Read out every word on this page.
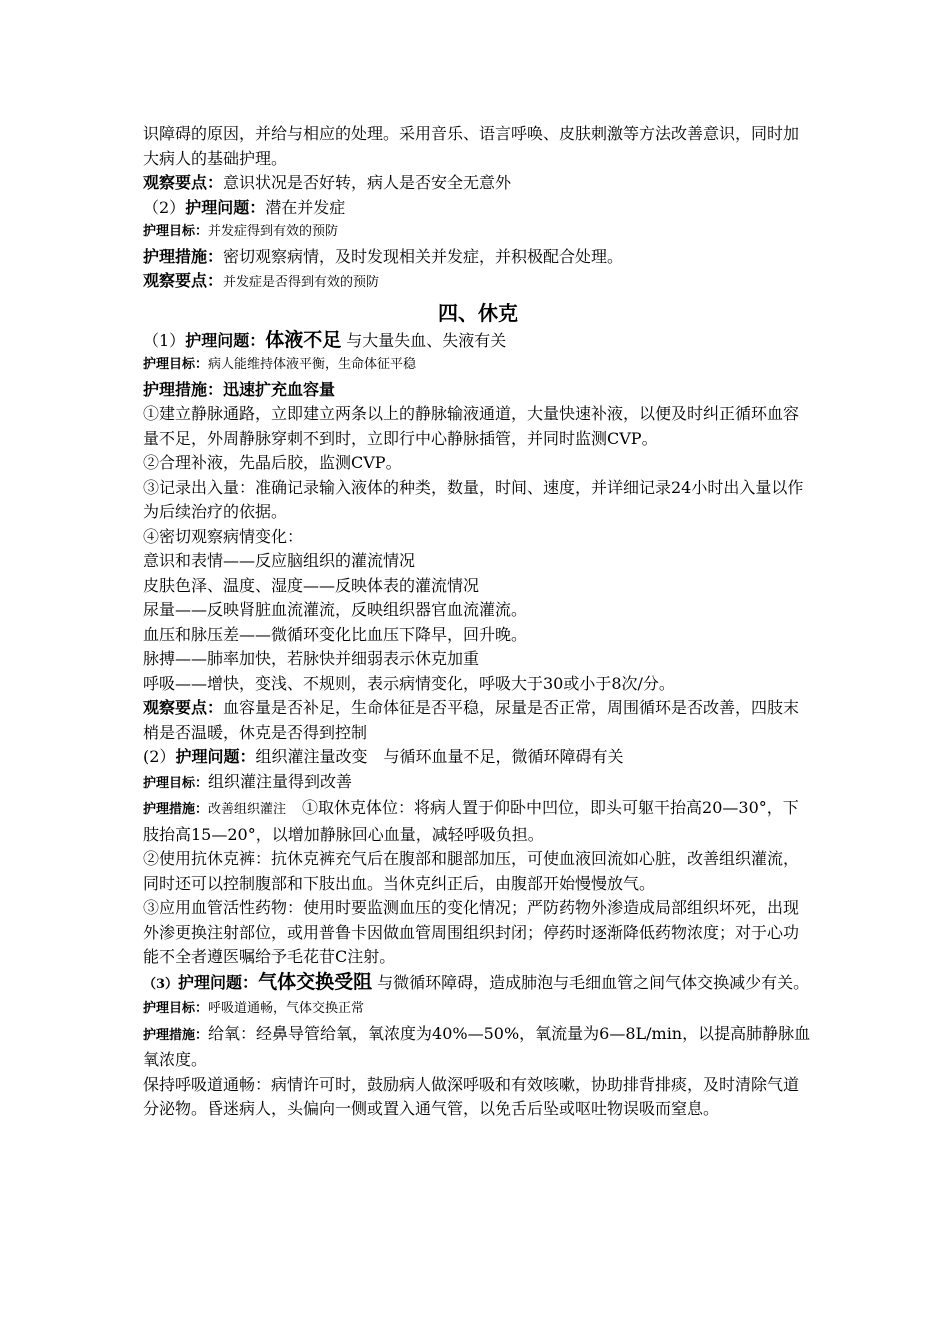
识障碍的原因，并给与相应的处理。采用音乐、语言呼唤、皮肤刺激等方法改善意识，同时加大病人的基础护理。

观察要点：意识状况是否好转，病人是否安全无意外

（2）护理问题：潜在并发症

护理目标：并发症得到有效的预防

护理措施：密切观察病情，及时发现相关并发症，并积极配合处理。

观察要点：并发症是否得到有效的预防

四、休克

（1）护理问题：体液不足 与大量失血、失液有关

护理目标：病人能维持体液平衡，生命体征平稳

护理措施：迅速扩充血容量

①建立静脉通路，立即建立两条以上的静脉输液通道，大量快速补液，以便及时纠正循环血容量不足，外周静脉穿刺不到时，立即行中心静脉插管，并同时监测CVP。

②合理补液，先晶后胶，监测CVP。

③记录出入量：准确记录输入液体的种类，数量，时间、速度，并详细记录24小时出入量以作为后续治疗的依据。

④密切观察病情变化：

意识和表情——反应脑组织的灌流情况

皮肤色泽、温度、湿度——反映体表的灌流情况

尿量——反映肾脏血流灌流，反映组织器官血流灌流。

血压和脉压差——微循环变化比血压下降早，回升晚。

脉搏——肺率加快，若脉快并细弱表示休克加重

呼吸——增快，变浅、不规则，表示病情变化，呼吸大于30或小于8次/分。

观察要点：血容量是否补足，生命体征是否平稳，尿量是否正常，周围循环是否改善，四肢末梢是否温暖，休克是否得到控制

(2）护理问题：组织灌注量改变　与循环血量不足，微循环障碍有关

护理目标：组织灌注量得到改善

护理措施：改善组织灌注　①取休克体位：将病人置于仰卧中凹位，即头可躯干抬高20—30°，下肢抬高15—20°，以增加静脉回心血量，减轻呼吸负担。

②使用抗休克裤：抗休克裤充气后在腹部和腿部加压，可使血液回流如心脏，改善组织灌流，同时还可以控制腹部和下肢出血。当休克纠正后，由腹部开始慢慢放气。

③应用血管活性药物：使用时要监测血压的变化情况；严防药物外渗造成局部组织坏死，出现外渗更换注射部位，或用普鲁卡因做血管周围组织封闭；停药时逐渐降低药物浓度；对于心功能不全者遵医嘱给予毛花苷C注射。

（3）护理问题：气体交换受阻 与微循环障碍，造成肺泡与毛细血管之间气体交换减少有关。

护理目标：呼吸道通畅，气体交换正常

护理措施：给氧：经鼻导管给氧，氧浓度为40%—50%，氧流量为6—8L/min，以提高肺静脉血氧浓度。

保持呼吸道通畅：病情许可时，鼓励病人做深呼吸和有效咳嗽，协助排背排痰，及时清除气道分泌物。昏迷病人，头偏向一侧或置入通气管，以免舌后坠或呕吐物误吸而窒息。
